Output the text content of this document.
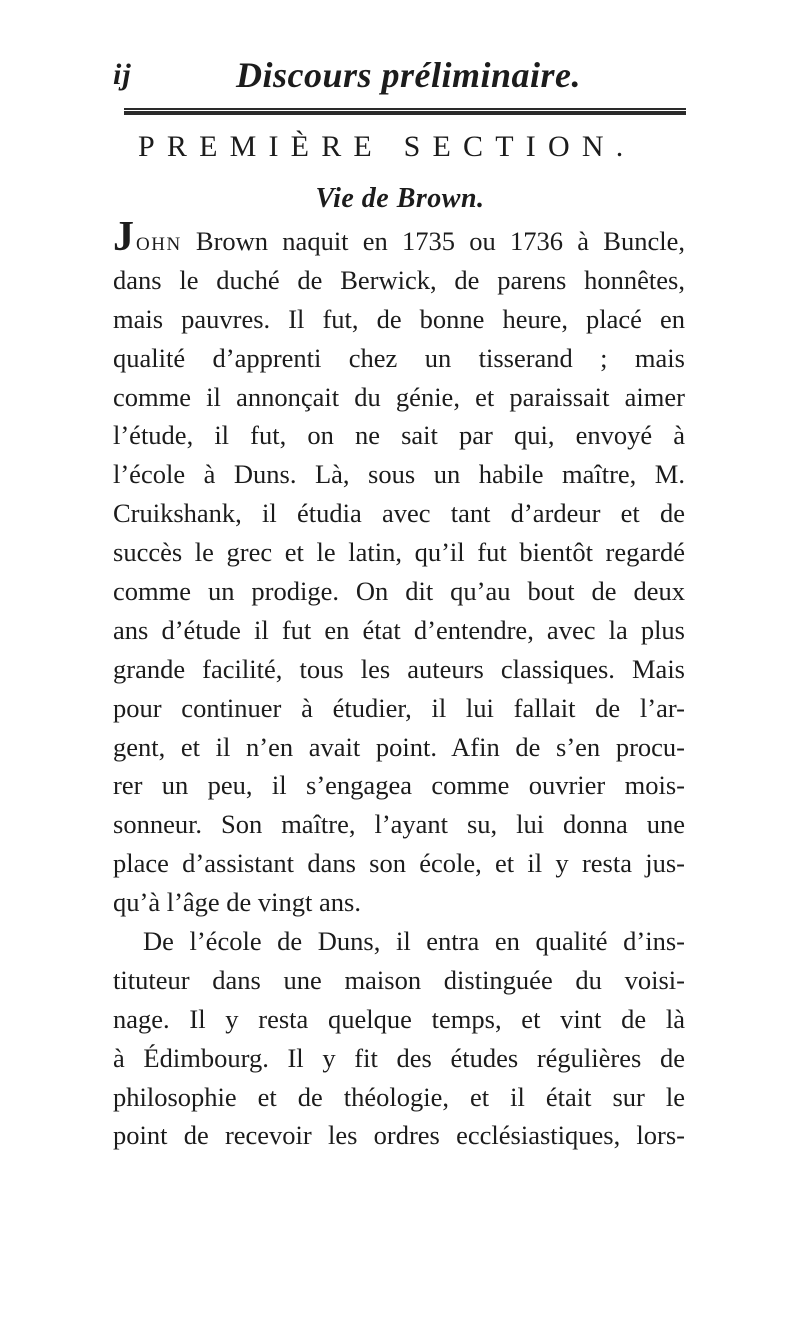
ij	Discours préliminaire.
PREMIÈRE SECTION.
Vie de Brown.
JOHN Brown naquit en 1735 ou 1736 à Buncle,
dans le duché de Berwick, de parens honnêtes,
mais pauvres. Il fut, de bonne heure, placé en
qualité d’apprenti chez un tisserand ; mais
comme il annonçait du génie, et paraissait aimer
l’étude, il fut, on ne sait par qui, envoyé à
l’école à Duns. Là, sous un habile maître, M.
Cruikshank, il étudia avec tant d’ardeur et de
succès le grec et le latin, qu’il fut bientôt regardé
comme un prodige. On dit qu’au bout de deux
ans d’étude il fut en état d’entendre, avec la plus
grande facilité, tous les auteurs classiques. Mais
pour continuer à étudier, il lui fallait de l’ar-
gent, et il n’en avait point. Afin de s’en procu-
rer un peu, il s’engagea comme ouvrier mois-
sonneur. Son maître, l’ayant su, lui donna une
place d’assistant dans son école, et il y resta jus-
qu’à l’âge de vingt ans.
De l’école de Duns, il entra en qualité d’ins-
tituteur dans une maison distinguée du voisi-
nage. Il y resta quelque temps, et vint de là
à Édimbourg. Il y fit des études régulières de
philosophie et de théologie, et il était sur le
point de recevoir les ordres ecclésiastiques, lors-
